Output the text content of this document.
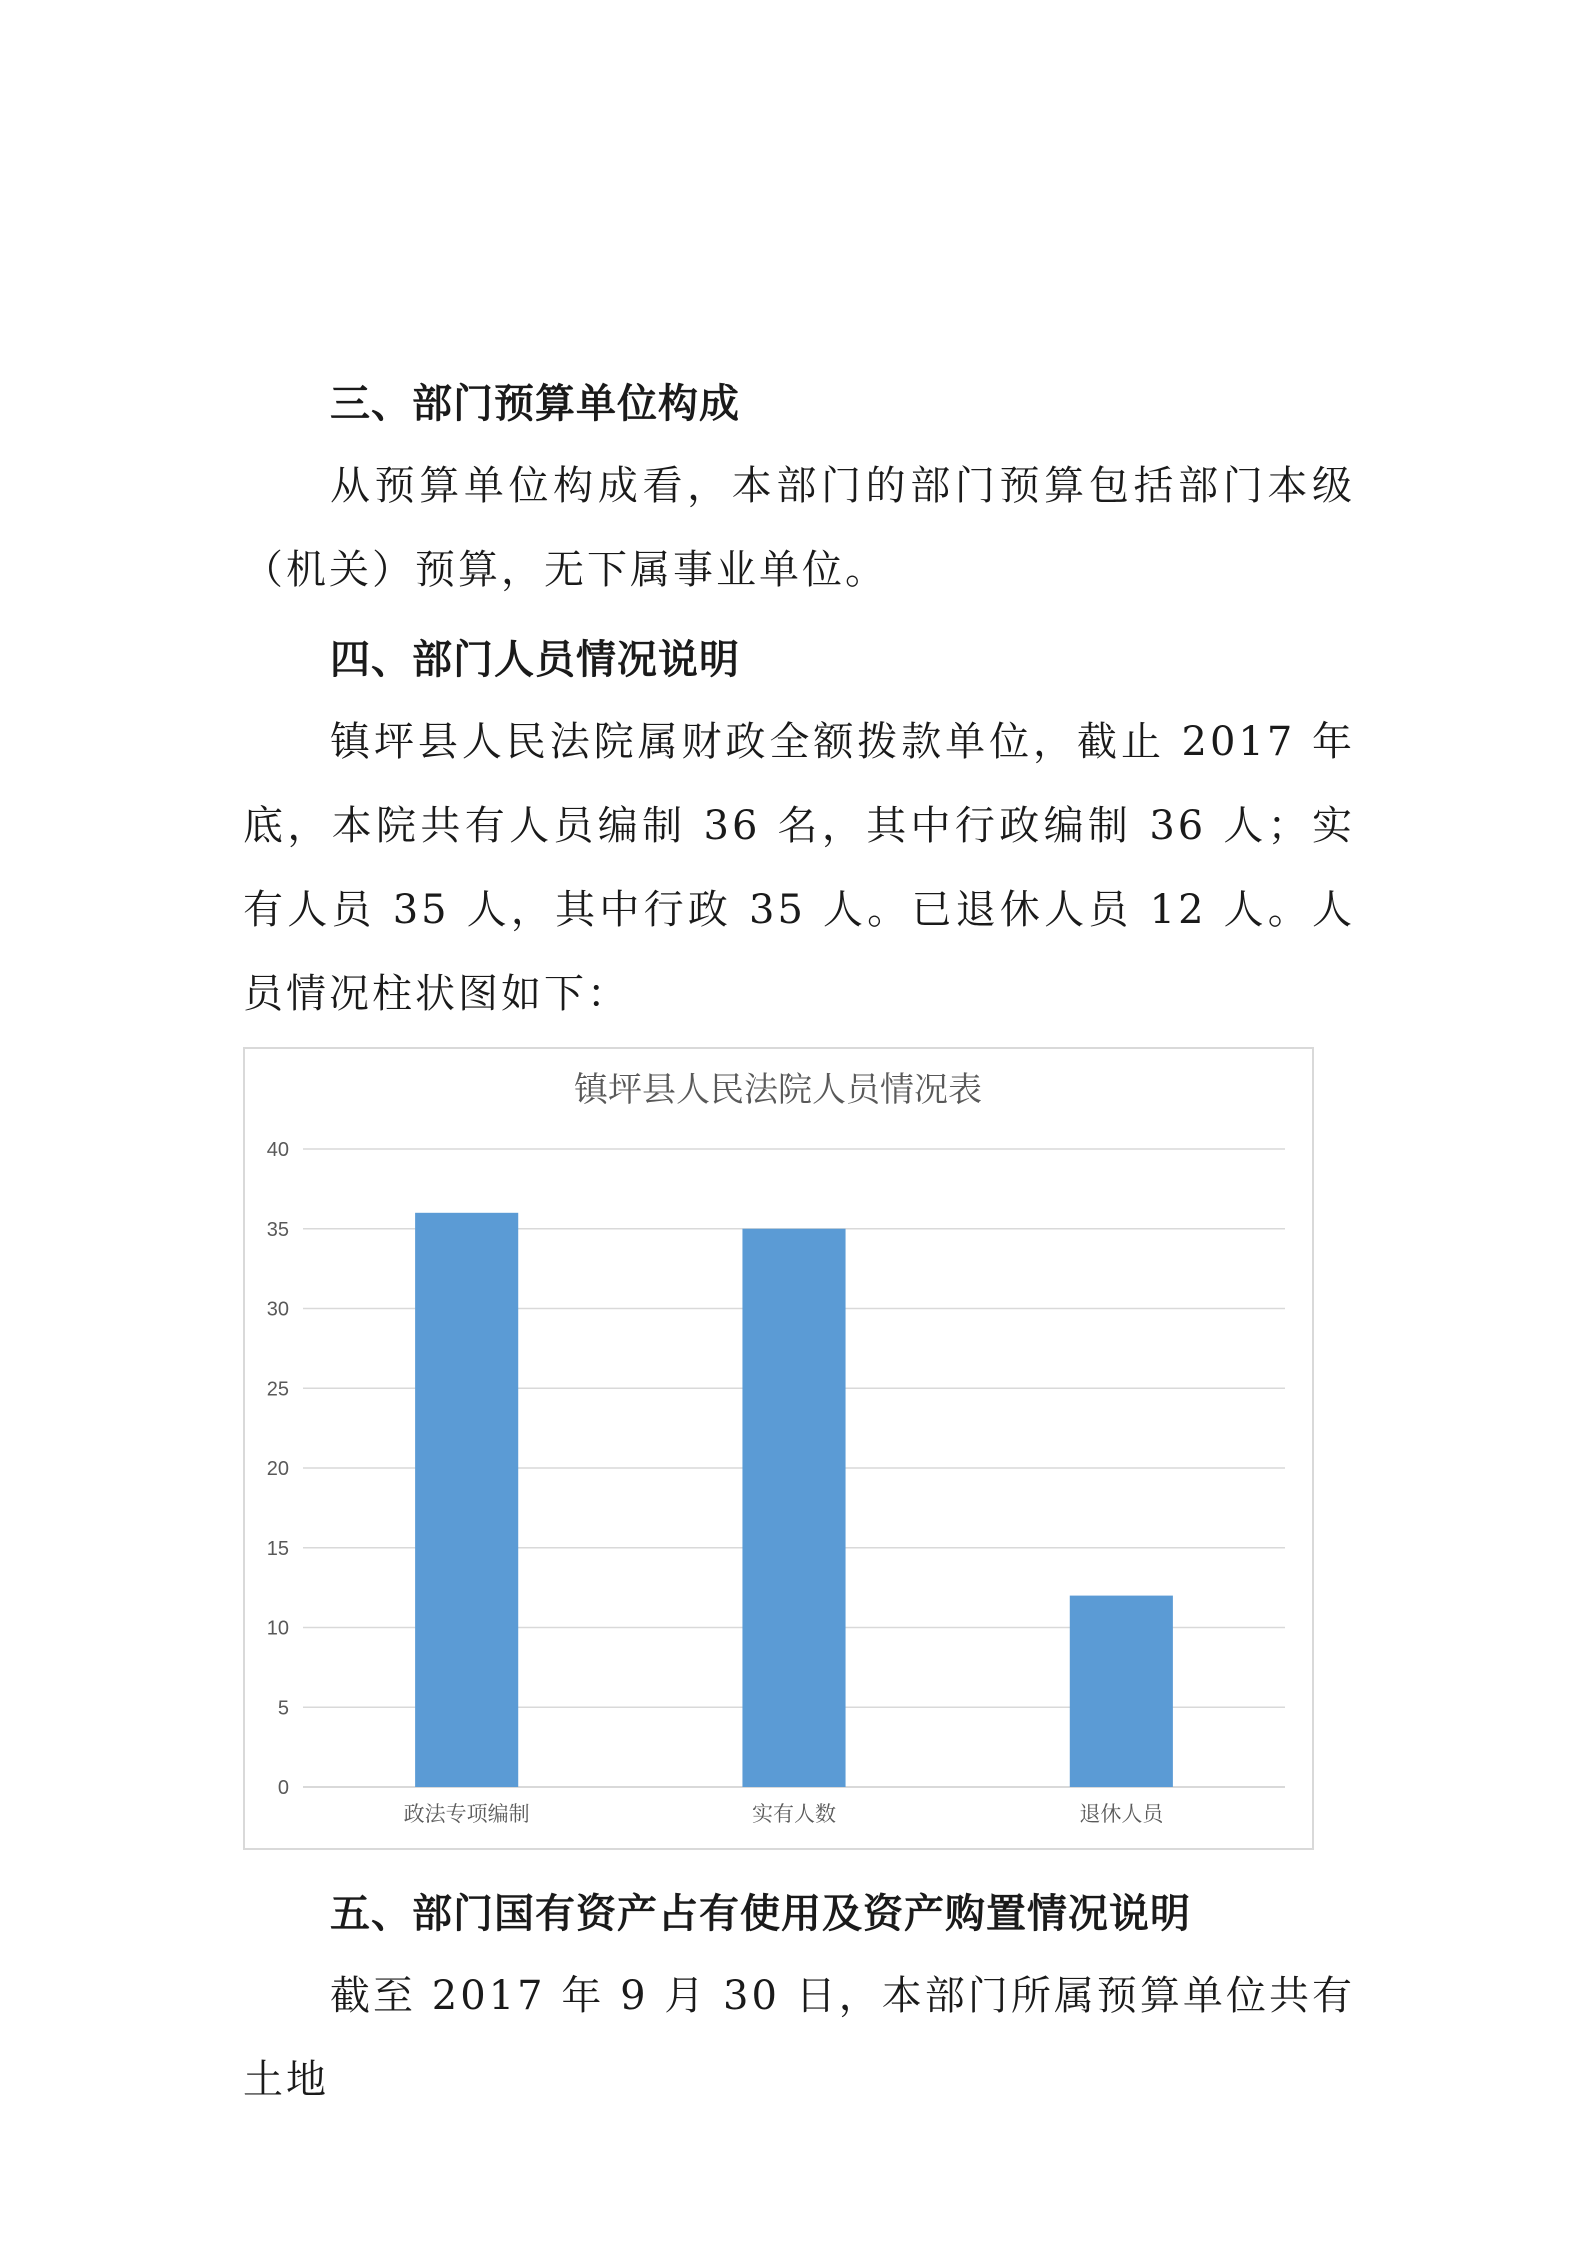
三、部门预算单位构成
从预算单位构成看，本部门的部门预算包括部门本级（机关）预算，无下属事业单位。
四、部门人员情况说明
镇坪县人民法院属财政全额拨款单位，截止 2017 年底，本院共有人员编制 36 名，其中行政编制 36 人；实有人员 35 人，其中行政 35 人。已退休人员 12 人。人员情况柱状图如下：
镇坪县人民法院人员情况表
0
5
10
15
20
25
30
35
40
政法专项编制	实有人数	退休人员
五、部门国有资产占有使用及资产购置情况说明
截至 2017 年 9 月 30 日，本部门所属预算单位共有土地
